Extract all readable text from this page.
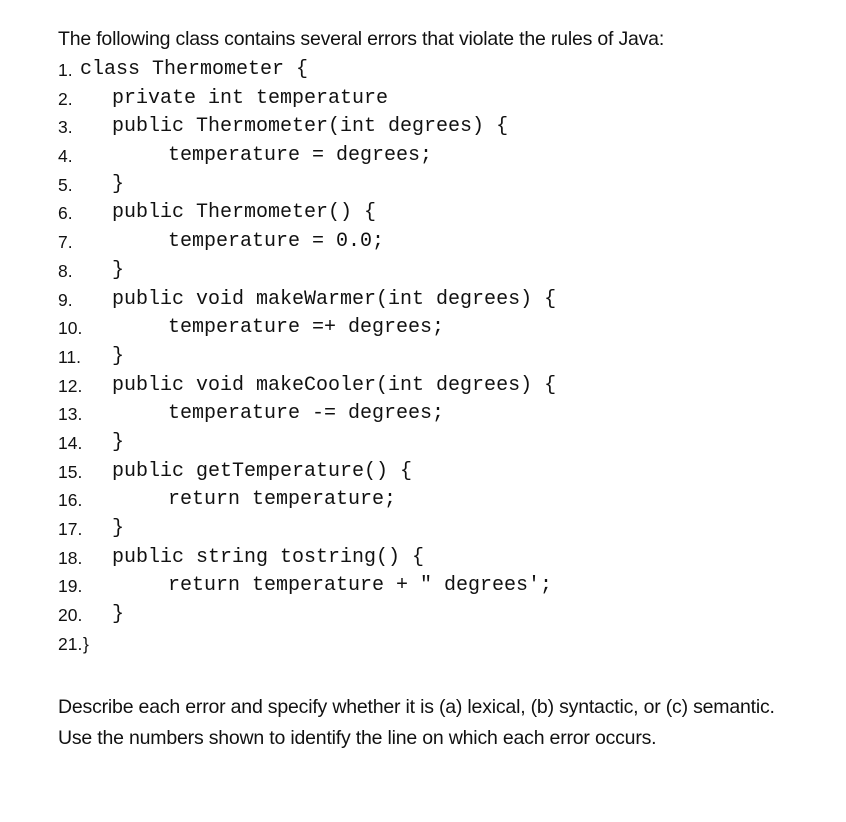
The following class contains several errors that violate the rules of Java:
1. class Thermometer {
2. private int temperature
3. public Thermometer(int degrees) {
4.	temperature = degrees;
5. }
6. public Thermometer() {
7.	temperature = 0.0;
8. }
9. public void makeWarmer(int degrees) {
10.	temperature =+ degrees;
11. }
12. public void makeCooler(int degrees) {
13.	temperature -= degrees;
14. }
15. public getTemperature() {
16.	return temperature;
17. }
18. public string tostring() {
19.	return temperature + " degrees';
20. }
21. }
Describe each error and specify whether it is (a) lexical, (b) syntactic, or (c) semantic. Use the numbers shown to identify the line on which each error occurs.
